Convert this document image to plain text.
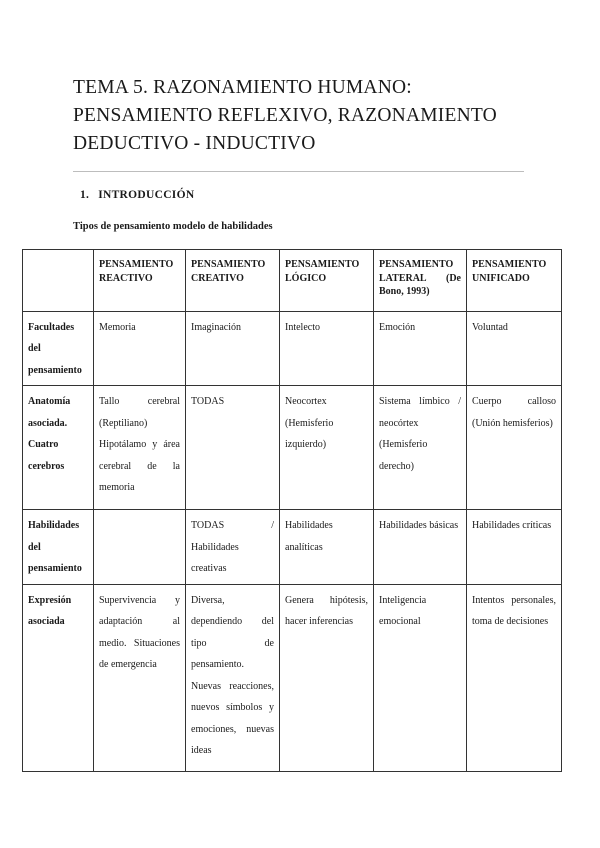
TEMA 5. RAZONAMIENTO HUMANO:
PENSAMIENTO REFLEXIVO, RAZONAMIENTO
DEDUCTIVO - INDUCTIVO
1. INTRODUCCIÓN
Tipos de pensamiento modelo de habilidades
	PENSAMIENTO REACTIVO	PENSAMIENTO CREATIVO	PENSAMIENTO LÓGICO	PENSAMIENTO LATERAL (De Bono, 1993)	PENSAMIENTO UNIFICADO
Facultades del pensamiento	Memoria	Imaginación	Intelecto	Emoción	Voluntad
Anatomía asociada. Cuatro cerebros	Tallo cerebral (Reptiliano) Hipotálamo y área cerebral de la memoria	TODAS	Neocortex (Hemisferio izquierdo)	Sistema límbico / neocórtex (Hemisferio derecho)	Cuerpo calloso (Unión hemisferios)
Habilidades del pensamiento		TODAS / Habilidades creativas	Habilidades analíticas	Habilidades básicas	Habilidades críticas
Expresión asociada	Supervivencia y adaptación al medio. Situaciones de emergencia	Diversa, dependiendo del tipo de pensamiento. Nuevas reacciones, nuevos símbolos y emociones, nuevas ideas	Genera hipótesis, hacer inferencias	Inteligencia emocional	Intentos personales, toma de decisiones
